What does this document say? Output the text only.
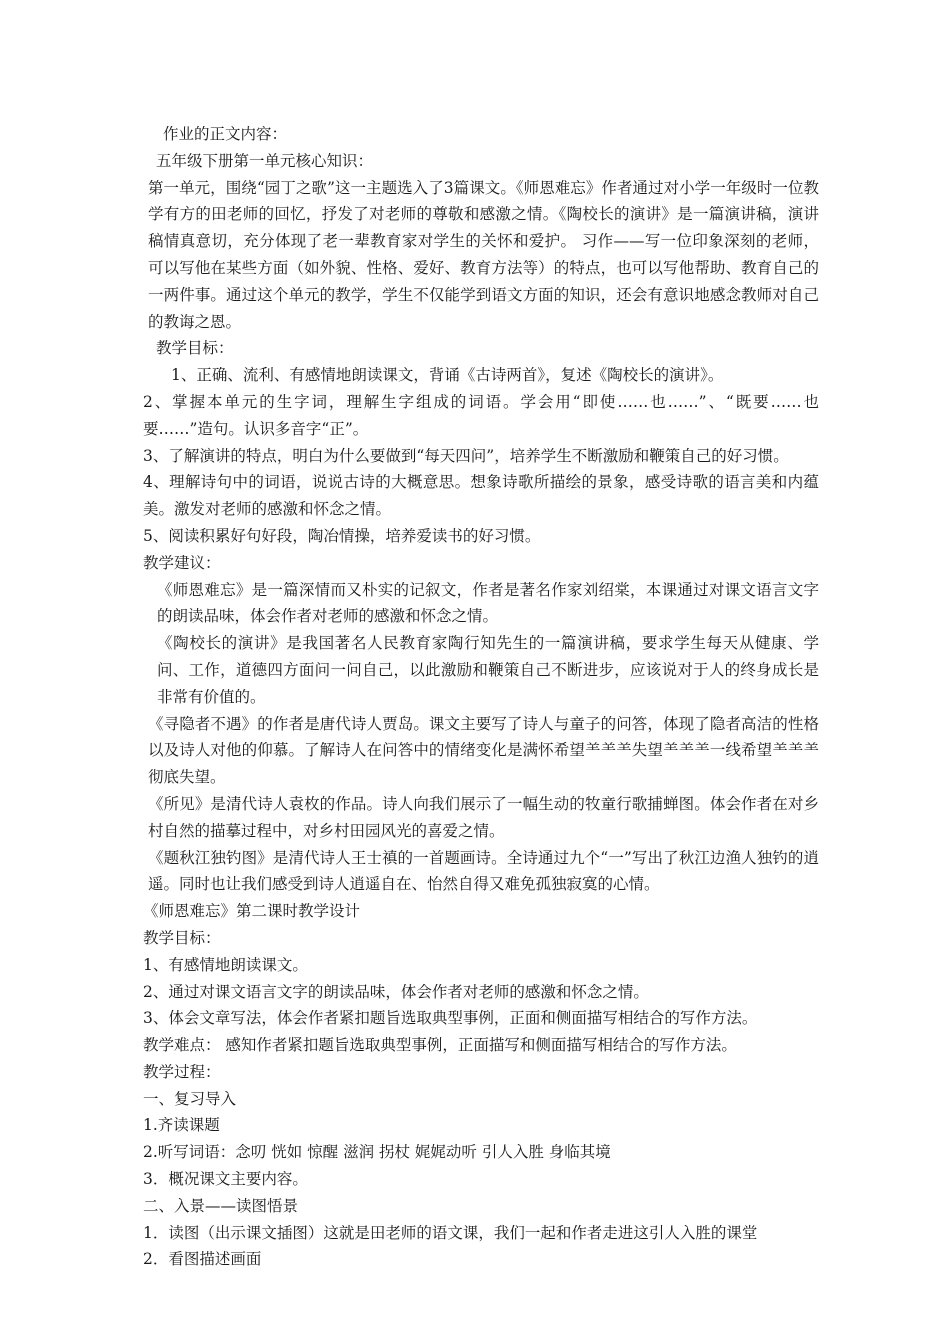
作业的正文内容：

五年级下册第一单元核心知识：

第一单元，围绕“园丁之歌”这一主题选入了3篇课文。《师恩难忘》作者通过对小学一年级时一位教学有方的田老师的回忆，抒发了对老师的尊敬和感激之情。《陶校长的演讲》是一篇演讲稿，演讲稿情真意切，充分体现了老一辈教育家对学生的关怀和爱护。 习作——写一位印象深刻的老师，可以写他在某些方面（如外貌、性格、爱好、教育方法等）的特点，也可以写他帮助、教育自己的一两件事。通过这个单元的教学，学生不仅能学到语文方面的知识，还会有意识地感念教师对自己的教诲之恩。

教学目标：

1、正确、流利、有感情地朗读课文，背诵《古诗两首》，复述《陶校长的演讲》。

2、掌握本单元的生字词，理解生字组成的词语。学会用“即使……也……”、“既要……也要……”造句。认识多音字“正”。

3、了解演讲的特点，明白为什么要做到“每天四问”，培养学生不断激励和鞭策自己的好习惯。

4、理解诗句中的词语，说说古诗的大概意思。想象诗歌所描绘的景象，感受诗歌的语言美和内蕴美。激发对老师的感激和怀念之情。

5、阅读积累好句好段，陶冶情操，培养爱读书的好习惯。

教学建议：

《师恩难忘》是一篇深情而又朴实的记叙文，作者是著名作家刘绍棠，本课通过对课文语言文字的朗读品味，体会作者对老师的感激和怀念之情。

《陶校长的演讲》是我国著名人民教育家陶行知先生的一篇演讲稿，要求学生每天从健康、学问、工作，道德四方面问一问自己，以此激励和鞭策自己不断进步，应该说对于人的终身成长是非常有价值的。

《寻隐者不遇》的作者是唐代诗人贾岛。课文主要写了诗人与童子的问答，体现了隐者高洁的性格以及诗人对他的仰慕。了解诗人在问答中的情绪变化是满怀希望⺷⺷⺷失望⺷⺷⺷一线希望⺷⺷⺷彻底失望。

《所见》是清代诗人袁枚的作品。诗人向我们展示了一幅生动的牧童行歌捕蝉图。体会作者在对乡村自然的描摹过程中，对乡村田园风光的喜爱之情。

《题秋江独钓图》是清代诗人王士禛的一首题画诗。全诗通过九个“一”写出了秋江边渔人独钓的逍遥。同时也让我们感受到诗人逍遥自在、怡然自得又难免孤独寂寞的心情。

《师恩难忘》第二课时教学设计

教学目标：

1、有感情地朗读课文。

2、通过对课文语言文字的朗读品味，体会作者对老师的感激和怀念之情。

3、体会文章写法，体会作者紧扣题旨选取典型事例，正面和侧面描写相结合的写作方法。

教学难点： 感知作者紧扣题旨选取典型事例，正面描写和侧面描写相结合的写作方法。

教学过程：

一、复习导入

1.齐读课题

2.听写词语：念叨 恍如 惊醒 滋润 拐杖 娓娓动听 引人入胜 身临其境

3．概况课文主要内容。

二、入景——读图悟景

1．读图（出示课文插图）这就是田老师的语文课，我们一起和作者走进这引人入胜的课堂

2．看图描述画面
